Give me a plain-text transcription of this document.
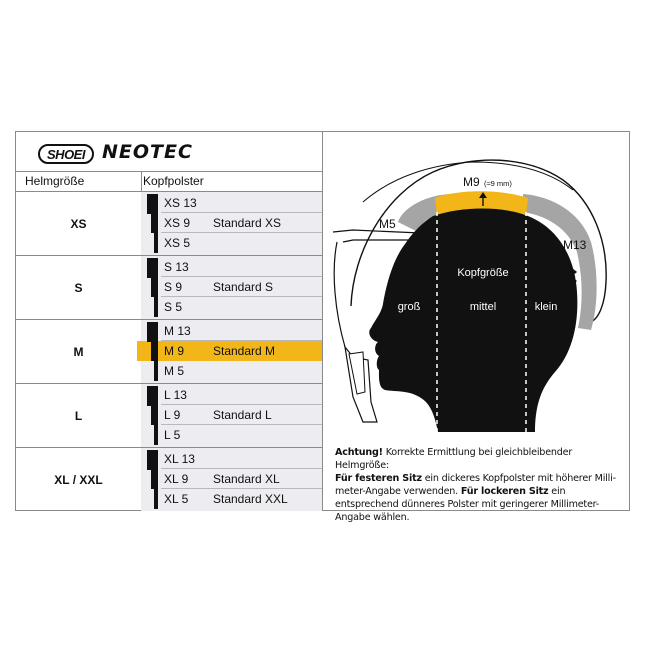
SHOEI NEOTEC
Helmgröße	Kopfpolster
XS
XS 13
XS 9 Standard XS
XS 5
S
S 13
S 9	Standard S
S 5
M
M 13
M 9 Standard M
M 5
L
L 13
L 9	Standard L
L 5
XL / XXL
XL 13
XL 9 Standard XL
XL 5 Standard XXL
M9 (≈9 mm)
M5
M13
Kopfgröße
groß	mittel	klein
Achtung! Korrekte Ermittlung bei gleichbleibender Helmgröße:
Für festeren Sitz ein dickeres Kopfpolster mit höherer Milli-meter-Angabe verwenden. Für lockeren Sitz ein entsprechend dünneres Polster mit geringerer Millimeter-Angabe wählen.
